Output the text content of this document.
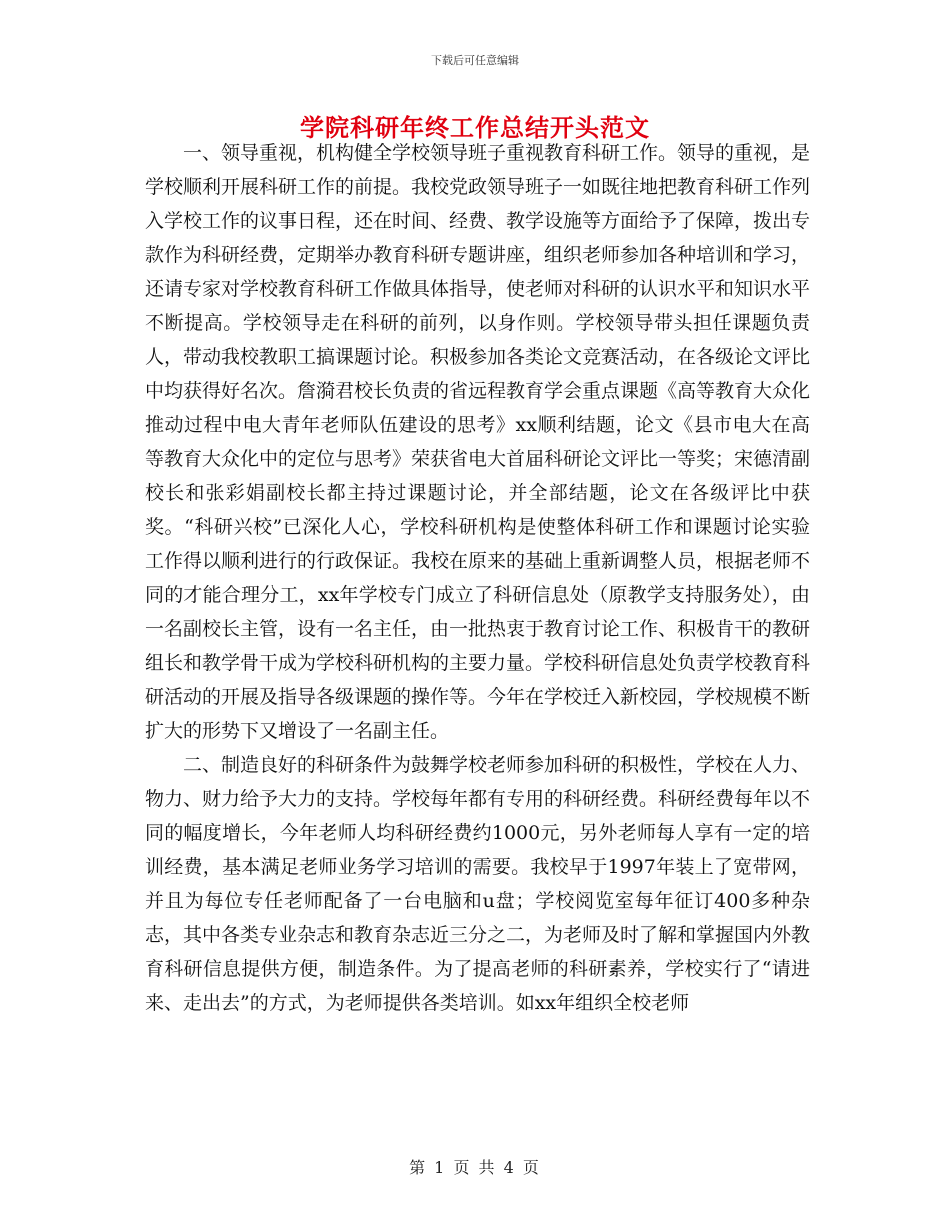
下载后可任意编辑
学院科研年终工作总结开头范文

一、领导重视，机构健全学校领导班子重视教育科研工作。领导的重视，是学校顺利开展科研工作的前提。我校党政领导班子一如既往地把教育科研工作列入学校工作的议事日程，还在时间、经费、教学设施等方面给予了保障，拨出专款作为科研经费，定期举办教育科研专题讲座，组织老师参加各种培训和学习，还请专家对学校教育科研工作做具体指导，使老师对科研的认识水平和知识水平不断提高。学校领导走在科研的前列，以身作则。学校领导带头担任课题负责人，带动我校教职工搞课题讨论。积极参加各类论文竞赛活动，在各级论文评比中均获得好名次。詹漪君校长负责的省远程教育学会重点课题《高等教育大众化推动过程中电大青年老师队伍建设的思考》xx顺利结题，论文《县市电大在高等教育大众化中的定位与思考》荣获省电大首届科研论文评比一等奖；宋德清副校长和张彩娟副校长都主持过课题讨论，并全部结题，论文在各级评比中获奖。“科研兴校”已深化人心，学校科研机构是使整体科研工作和课题讨论实验工作得以顺利进行的行政保证。我校在原来的基础上重新调整人员，根据老师不同的才能合理分工，xx年学校专门成立了科研信息处（原教学支持服务处），由一名副校长主管，设有一名主任，由一批热衷于教育讨论工作、积极肯干的教研组长和教学骨干成为学校科研机构的主要力量。学校科研信息处负责学校教育科研活动的开展及指导各级课题的操作等。今年在学校迁入新校园，学校规模不断扩大的形势下又增设了一名副主任。

二、制造良好的科研条件为鼓舞学校老师参加科研的积极性，学校在人力、物力、财力给予大力的支持。学校每年都有专用的科研经费。科研经费每年以不同的幅度增长，今年老师人均科研经费约1000元，另外老师每人享有一定的培训经费，基本满足老师业务学习培训的需要。我校早于1997年装上了宽带网，并且为每位专任老师配备了一台电脑和u盘；学校阅览室每年征订400多种杂志，其中各类专业杂志和教育杂志近三分之二，为老师及时了解和掌握国内外教育科研信息提供方便，制造条件。为了提高老师的科研素养，学校实行了“请进来、走出去”的方式，为老师提供各类培训。如xx年组织全校老师

第 1 页 共 4 页
